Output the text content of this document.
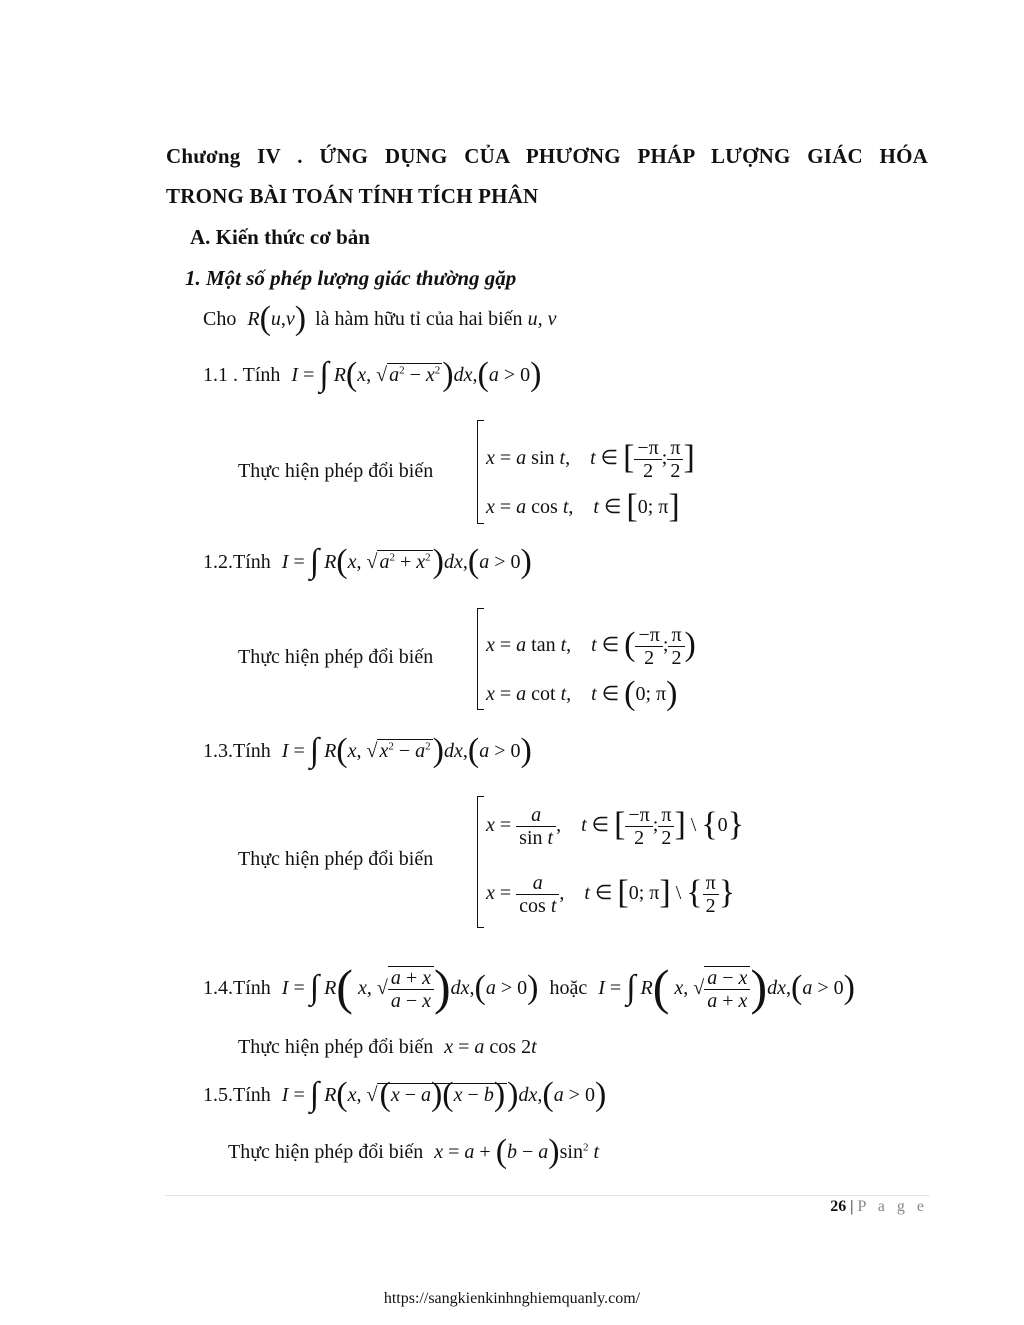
Chương IV . ỨNG DỤNG CỦA PHƯƠNG PHÁP LƯỢNG GIÁC HÓA
TRONG BÀI TOÁN TÍNH TÍCH PHÂN
A. Kiến thức cơ bản
1. Một số phép lượng giác thường gặp
Cho R(u,v) là hàm hữu tỉ của hai biến u, v
1.1 . Tính I = ∫ R(x, √ $a^2 - x^2)dx,(a > 0)$
Thực hiện phép đổi biến
x = a sin t,    t ∈ [ $\frac{-\pi}{2}$ ; $\frac{\pi}{2}$ ]
x = a cos t,    t ∈ [0; π]
1.2.Tính I = ∫ R(x, √ $a^2 + x^2)dx,(a > 0)$
Thực hiện phép đổi biến
x = a tan t,    t ∈ ( $\frac{-\pi}{2}$ ; $\frac{\pi}{2}$ )
x = a cot t,    t ∈ (0; π)
1.3.Tính I = ∫ R(x, √ $x^2 - a^2)dx,(a > 0)$
Thực hiện phép đổi biến
$x = \frac{a}{\text{sin t}}$ ,    t ∈ [ $\frac{-\pi}{2}$ ; $\frac{\pi}{2}$ ] \ {0}
$x = \frac{a}{\text{cos t}}$ ,    t ∈ [0; π] \ { $\frac{\pi}{2}$ }
1.4.Tính I = ∫ R( x, √ $\frac{a + x}{a - x} )dx,(a > 0)$ hoặc I = ∫ R( x, √ $\frac{a - x}{a + x} )dx,(a > 0)$
Thực hiện phép đổi biến x = a cos 2t
1.5.Tính I = ∫ R(x, √(x − a)(x − b))dx,(a > 0)
Thực hiện phép đổi biến $x = a + (b - a)\sin^2$ t
26 | P a g e
https://sangkienkinhnghiemquanly.com/
